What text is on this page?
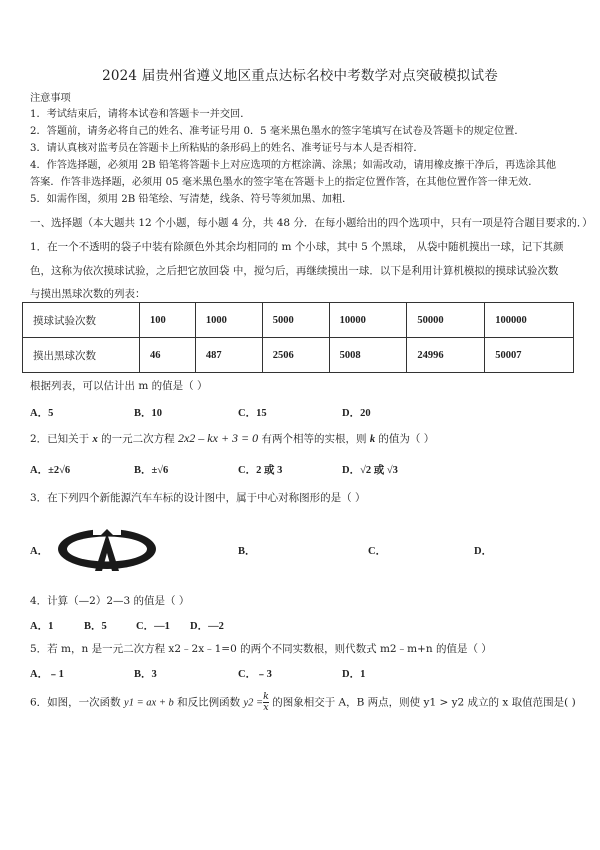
2024 届贵州省遵义地区重点达标名校中考数学对点突破模拟试卷
注意事项
1．考试结束后，请将本试卷和答题卡一并交回．
2．答题前，请务必将自己的姓名、准考证号用 0．5 毫米黑色墨水的签字笔填写在试卷及答题卡的规定位置．
3．请认真核对监考员在答题卡上所粘贴的条形码上的姓名、准考证号与本人是否相符．
4．作答选择题，必须用 2B 铅笔将答题卡上对应选项的方框涂满、涂黑；如需改动，请用橡皮擦干净后，再选涂其他
答案．作答非选择题，必须用 05 毫米黑色墨水的签字笔在答题卡上的指定位置作答，在其他位置作答一律无效．
5．如需作图，须用 2B 铅笔绘、写清楚，线条、符号等须加黑、加粗．
一、选择题（本大题共 12 个小题，每小题 4 分，共 48 分．在每小题给出的四个选项中，只有一项是符合题目要求的．）
1．在一个不透明的袋子中装有除颜色外其余均相同的 m 个小球，其中 5 个黑球， 从袋中随机摸出一球，记下其颜
色，这称为依次摸球试验，之后把它放回袋 中，搅匀后，再继续摸出一球．以下是利用计算机模拟的摸球试验次数
与摸出黑球次数的列表：
摸球试验次数	100	1000	5000	10000	50000	100000
摸出黑球次数	46	487	2506	5008	24996	50007
根据列表，可以估计出 m 的值是（ ）
A．5	B．10	C．15	D．20
2．已知关于 x 的一元二次方程 2x2 – kx + 3 = 0 有两个相等的实根，则 k 的值为（ ）
A．±2√6	B．±√6	C．2 或 3	D．√2 或 √3
3．在下列四个新能源汽车车标的设计图中，属于中心对称图形的是（ ）
A．	B．	C．	D．
4．计算（—2）2—3 的值是（ ）
A．1	B．5	C．—1 D．—2
5．若 m，n 是一元二次方程 x2﹣2x﹣1=0 的两个不同实数根，则代数式 m2﹣m+n 的值是（ ）
A．﹣1	B．3	C．﹣3	D．1
6．如图，一次函数 y1 = ax + b 和反比例函数 $y2 = \frac{k}{x}$ 的图象相交于 A，B 两点，则使 y1 > y2 成立的 x 取值范围是( )
